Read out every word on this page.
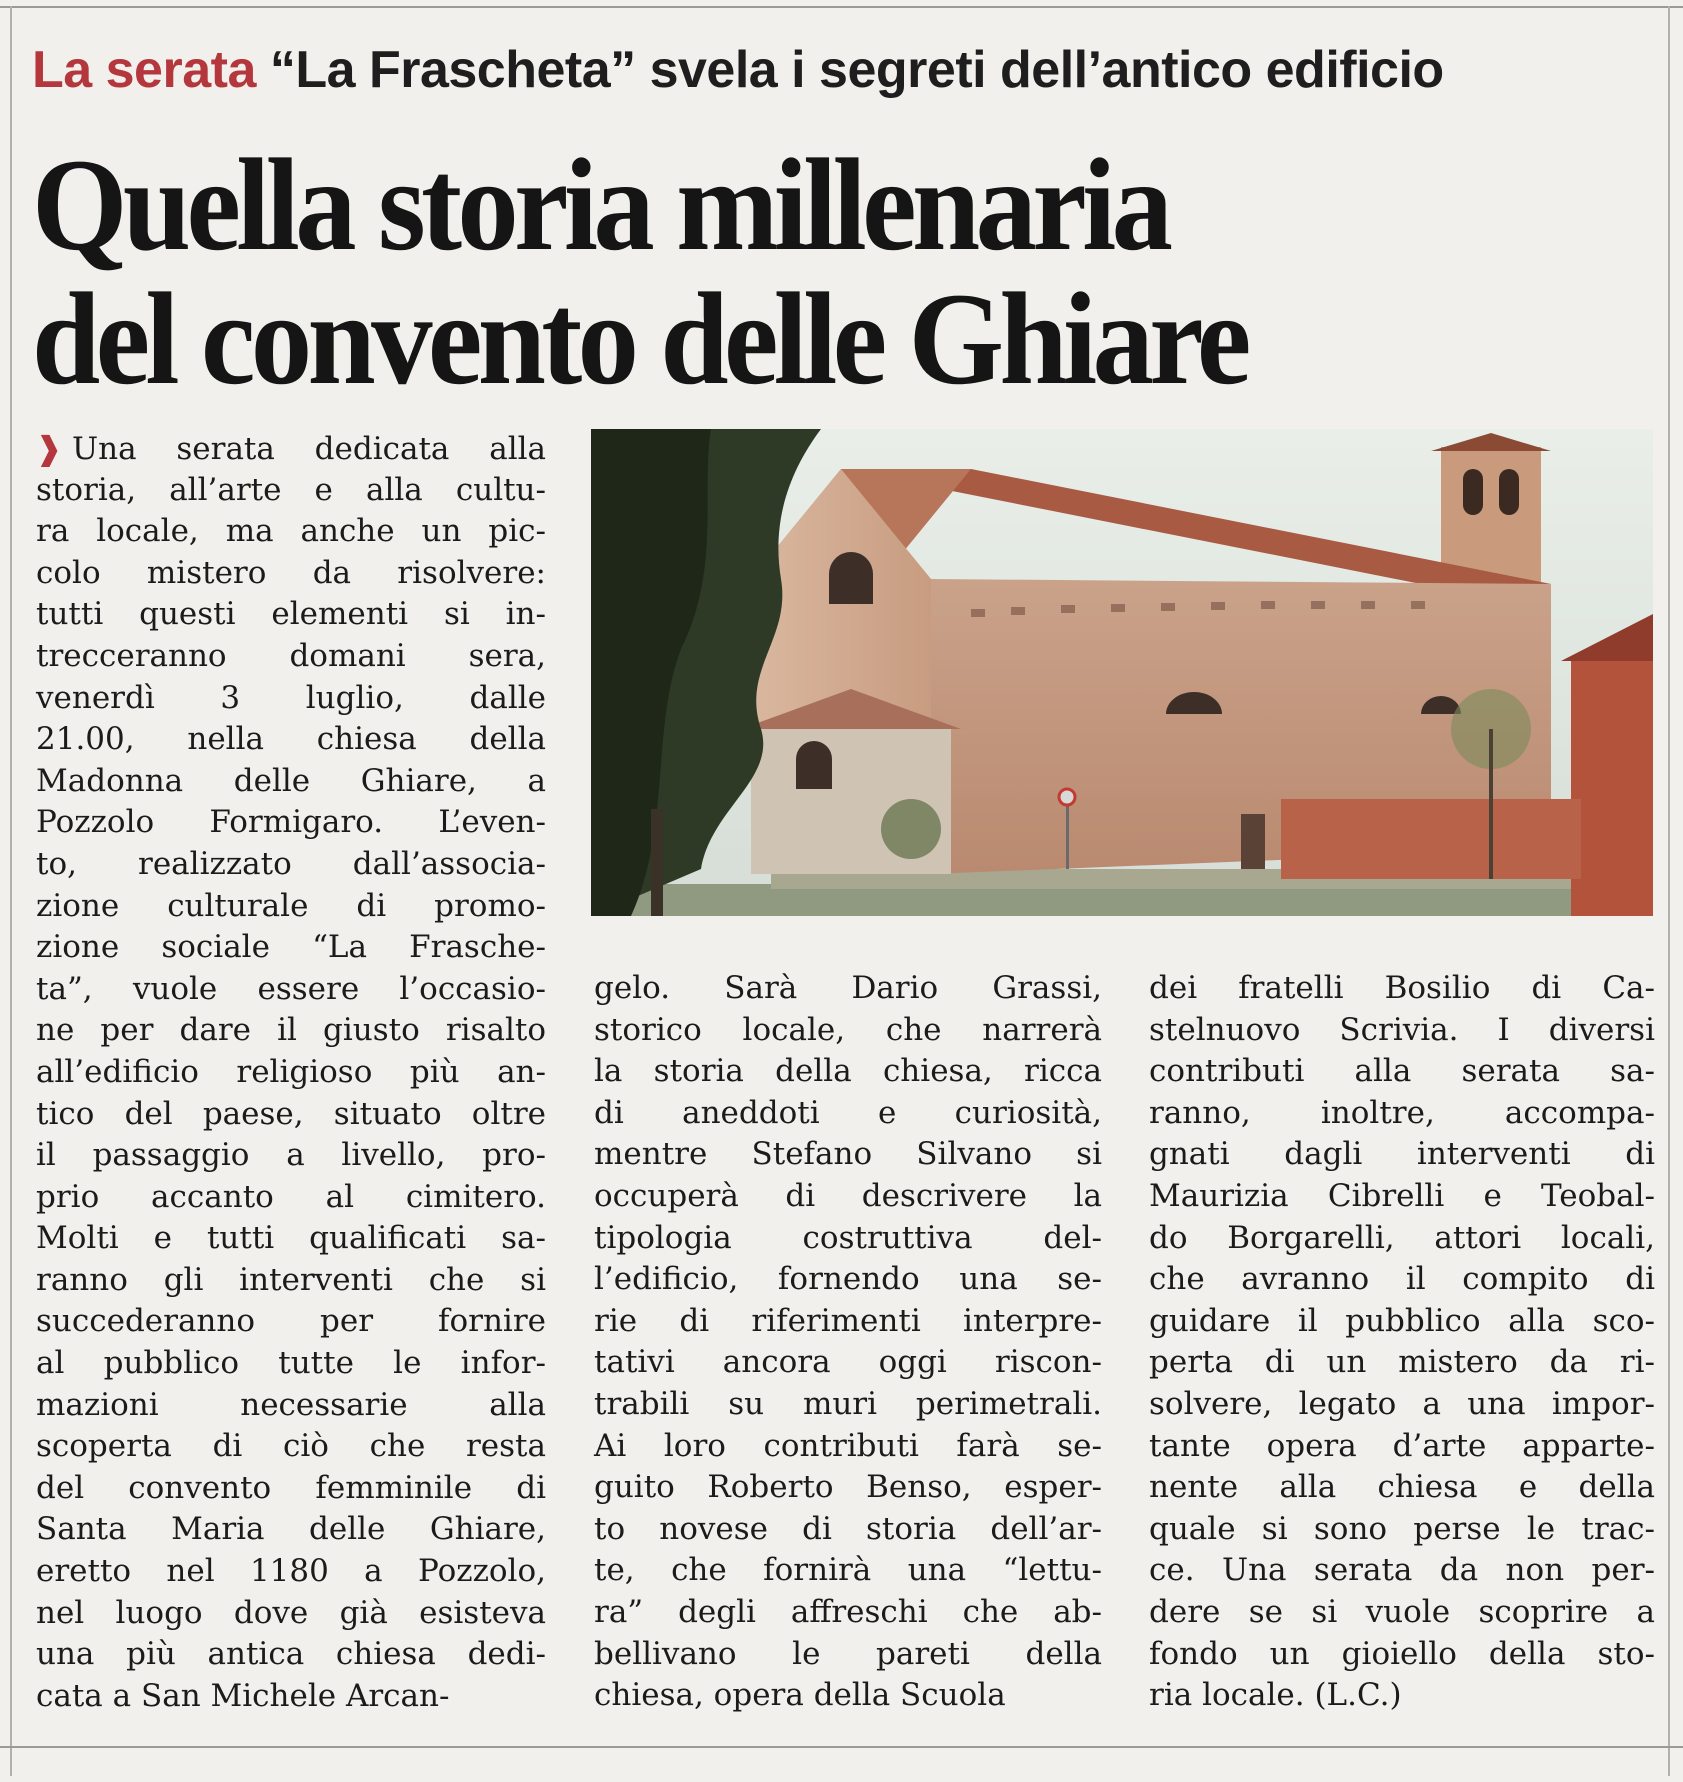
La serata “La Frascheta” svela i segreti dell’antico edificio
Quella storia millenaria
del convento delle Ghiare
❱ Una serata dedicata alla
storia, all’arte e alla cultu-
ra locale, ma anche un pic-
colo mistero da risolvere:
tutti questi elementi si in-
trecceranno domani sera,
venerdì 3 luglio, dalle
21.00, nella chiesa della
Madonna delle Ghiare, a
Pozzolo Formigaro. L’even-
to, realizzato dall’associa-
zione culturale di promo-
zione sociale “La Frasche-
ta”, vuole essere l’occasio-
ne per dare il giusto risalto
all’edificio religioso più an-
tico del paese, situato oltre
il passaggio a livello, pro-
prio accanto al cimitero.
Molti e tutti qualificati sa-
ranno gli interventi che si
succederanno per fornire
al pubblico tutte le infor-
mazioni necessarie alla
scoperta di ciò che resta
del convento femminile di
Santa Maria delle Ghiare,
eretto nel 1180 a Pozzolo,
nel luogo dove già esisteva
una più antica chiesa dedi-
cata a San Michele Arcan-
gelo. Sarà Dario Grassi,
storico locale, che narrerà
la storia della chiesa, ricca
di aneddoti e curiosità,
mentre Stefano Silvano si
occuperà di descrivere la
tipologia costruttiva del-
l’edificio, fornendo una se-
rie di riferimenti interpre-
tativi ancora oggi riscon-
trabili su muri perimetrali.
Ai loro contributi farà se-
guito Roberto Benso, esper-
to novese di storia dell’ar-
te, che fornirà una “lettu-
ra” degli affreschi che ab-
bellivano le pareti della
chiesa, opera della Scuola
dei fratelli Bosilio di Ca-
stelnuovo Scrivia. I diversi
contributi alla serata sa-
ranno, inoltre, accompa-
gnati dagli interventi di
Maurizia Cibrelli e Teobal-
do Borgarelli, attori locali,
che avranno il compito di
guidare il pubblico alla sco-
perta di un mistero da ri-
solvere, legato a una impor-
tante opera d’arte apparte-
nente alla chiesa e della
quale si sono perse le trac-
ce. Una serata da non per-
dere se si vuole scoprire a
fondo un gioiello della sto-
ria locale. (L.C.)
